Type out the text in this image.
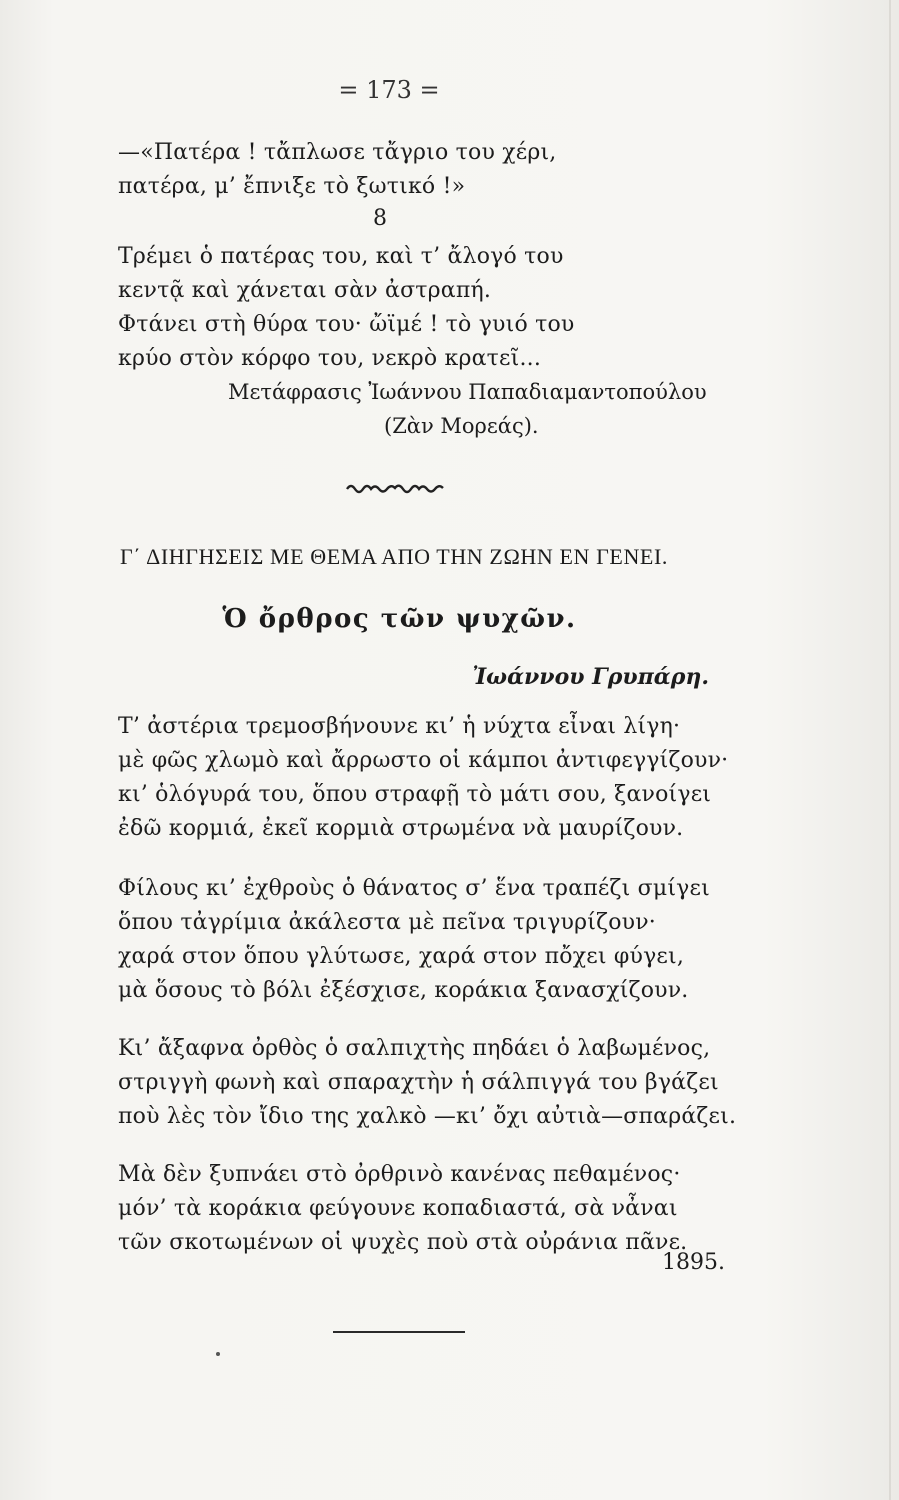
= 173 =
—«Πατέρα ! τἄπλωσε τἄγριο του χέρι,
πατέρα, μ’ ἔπνιξε τὸ ξωτικό !»
8
Τρέμει ὁ πατέρας του, καὶ τ’ ἄλογό του
κεντᾷ καὶ χάνεται σὰν ἀστραπή.
Φτάνει στὴ θύρα του· ὤϊμέ ! τὸ γυιό του
κρύο στὸν κόρφο του, νεκρὸ κρατεῖ...
Μετάφρασις Ἰωάννου Παπαδιαμαντοπούλου
(Ζὰν Μορεάς).
Γ΄ ΔΙΗΓΗΣΕΙΣ ΜΕ ΘΕΜΑ ΑΠΟ ΤΗΝ ΖΩΗΝ ΕΝ ΓΕΝΕΙ.
Ὁ ὄρθρος τῶν ψυχῶν.
Ἰωάννου Γρυπάρη.
Τ’ ἀστέρια τρεμοσβήνουνε κι’ ἡ νύχτα εἶναι λίγη·
μὲ φῶς χλωμὸ καὶ ἄρρωστο οἱ κάμποι ἀντιφεγγίζουν·
κι’ ὁλόγυρά του, ὅπου στραφῇ τὸ μάτι σου, ξανοίγει
ἐδῶ κορμιά, ἐκεῖ κορμιὰ στρωμένα νὰ μαυρίζουν.
Φίλους κι’ ἐχθροὺς ὁ θάνατος σ’ ἕνα τραπέζι σμίγει
ὅπου τἀγρίμια ἀκάλεστα μὲ πεῖνα τριγυρίζουν·
χαρά στον ὅπου γλύτωσε, χαρά στον πὄχει φύγει,
μὰ ὅσους τὸ βόλι ἐξέσχισε, κοράκια ξανασχίζουν.
Κι’ ἄξαφνα ὀρθὸς ὁ σαλπιχτὴς πηδάει ὁ λαβωμένος,
στριγγὴ φωνὴ καὶ σπαραχτὴν ἡ σάλπιγγά του βγάζει
ποὺ λὲς τὸν ἴδιο της χαλκὸ —κι’ ὄχι αὐτιὰ—σπαράζει.
Μὰ δὲν ξυπνάει στὸ ὀρθρινὸ κανένας πεθαμένος·
μόν’ τὰ κοράκια φεύγουνε κοπαδιαστά, σὰ νἆναι
τῶν σκοτωμένων οἱ ψυχὲς ποὺ στὰ οὐράνια πᾶνε.
1895.
